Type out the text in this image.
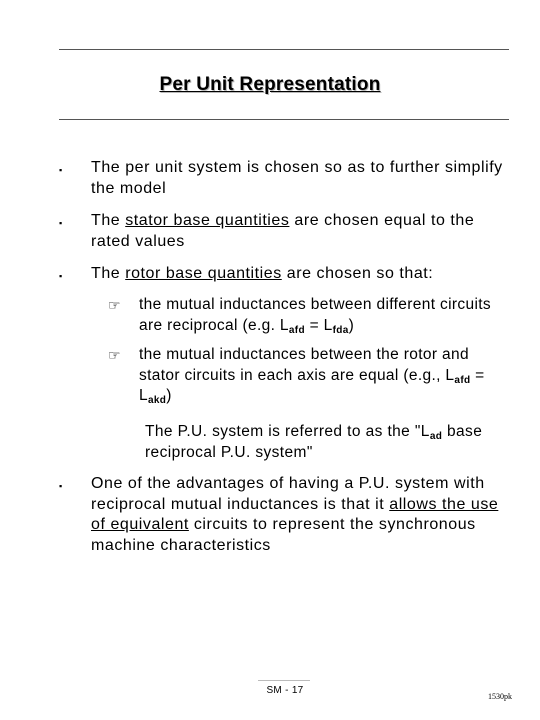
Per Unit Representation
▪	The per unit system is chosen so as to further simplify the model
▪	The stator base quantities are chosen equal to the rated values
▪	The rotor base quantities are chosen so that:
☞	the mutual inductances between different circuits are reciprocal (e.g. $L_{afd} = L_{fda}$)
☞	the mutual inductances between the rotor and stator circuits in each axis are equal (e.g., $L_{afd} = L_{akd}$)
The P.U. system is referred to as the "$L_{ad}$ base reciprocal P.U. system"
▪	One of the advantages of having a P.U. system with reciprocal mutual inductances is that it allows the use of equivalent circuits to represent the synchronous machine characteristics
SM - 17
1530pk
